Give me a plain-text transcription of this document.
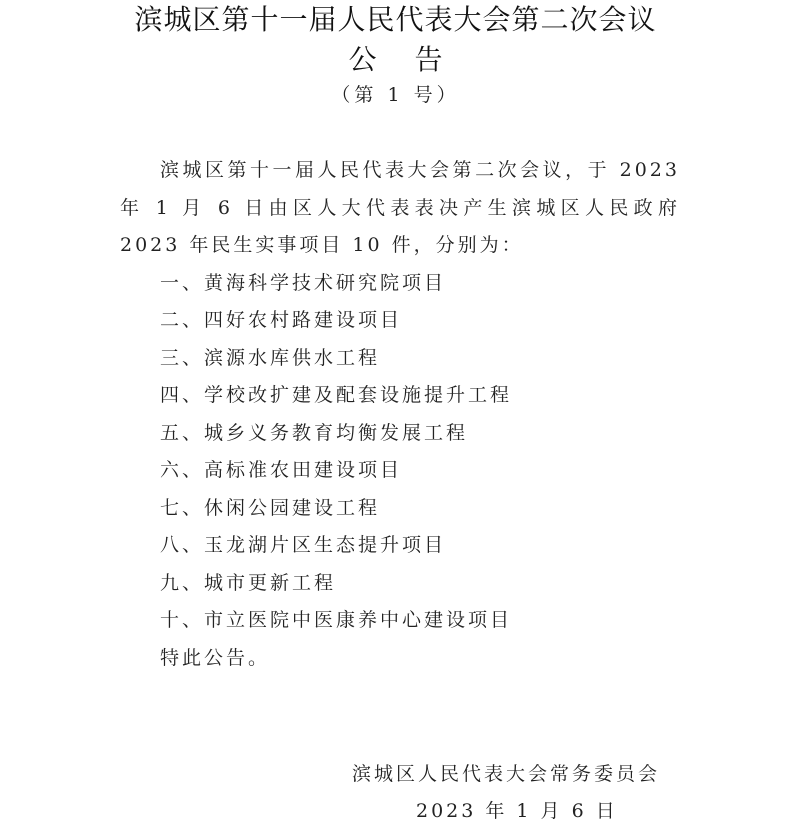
滨城区第十一届人民代表大会第二次会议
公告
（第 1 号）

滨城区第十一届人民代表大会第二次会议，于 2023 年 1 月 6 日由区人大代表表决产生滨城区人民政府 2023 年民生实事项目 10 件，分别为：

一、黄海科学技术研究院项目
二、四好农村路建设项目
三、滨源水库供水工程
四、学校改扩建及配套设施提升工程
五、城乡义务教育均衡发展工程
六、高标准农田建设项目
七、休闲公园建设工程
八、玉龙湖片区生态提升项目
九、城市更新工程
十、市立医院中医康养中心建设项目

特此公告。

滨城区人民代表大会常务委员会
2023 年 1 月 6 日
